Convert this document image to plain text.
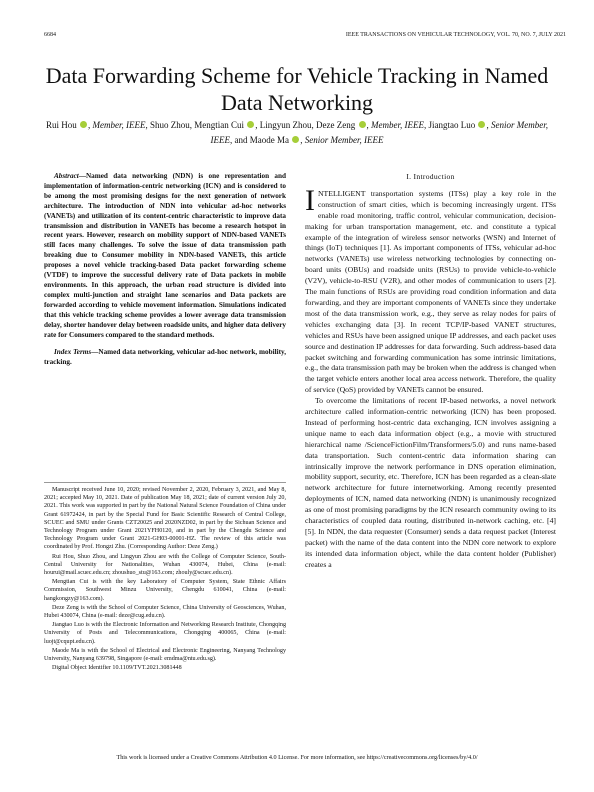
6684	IEEE TRANSACTIONS ON VEHICULAR TECHNOLOGY, VOL. 70, NO. 7, JULY 2021
Data Forwarding Scheme for Vehicle Tracking in Named Data Networking
Rui Hou , Member, IEEE, Shuo Zhou, Mengtian Cui , Lingyun Zhou, Deze Zeng , Member, IEEE, Jiangtao Luo , Senior Member, IEEE, and Maode Ma , Senior Member, IEEE

Abstract—Named data networking (NDN) is one representation and implementation of information-centric networking (ICN) and is considered to be among the most promising designs for the next generation of network architecture. The introduction of NDN into vehicular ad-hoc networks (VANETs) and utilization of its content-centric characteristic to improve data transmission and distribution in VANETs has become a research hotspot in recent years. However, research on mobility support of NDN-based VANETs still faces many challenges. To solve the issue of data transmission path breaking due to Consumer mobility in NDN-based VANETs, this article proposes a novel vehicle tracking-based Data packet forwarding scheme (VTDF) to improve the successful delivery rate of Data packets in mobile environments. In this approach, the urban road structure is divided into complex multi-junction and straight lane scenarios and Data packets are forwarded according to vehicle movement information. Simulations indicated that this vehicle tracking scheme provides a lower average data transmission delay, shorter handover delay between roadside units, and higher data delivery rate for Consumers compared to the standard methods.

Index Terms—Named data networking, vehicular ad-hoc network, mobility, tracking.

Manuscript received June 10, 2020; revised November 2, 2020, February 3, 2021, and May 8, 2021; accepted May 10, 2021. Date of publication May 18, 2021; date of current version July 20, 2021. This work was supported in part by the National Natural Science Foundation of China under Grant 61972424, in part by the Special Fund for Basic Scientific Research of Central College, SCUEC and SMU under Grants CZT20025 and 2020NZD02, in part by the Sichuan Science and Technology Program under Grant 2021YFH0120, and in part by the Chengdu Science and Technology Program under Grant 2021-GH03-00001-HZ. The review of this article was coordinated by Prof. Hongzi Zhu. (Corresponding Author: Deze Zeng.)

Rui Hou, Shuo Zhou, and Lingyun Zhou are with the College of Computer Science, South-Central University for Nationalities, Wuhan 430074, Hubei, China (e-mail: hourui@mail.scuec.edu.cn; zhoushuo_stu@163.com; zhouly@scuec.edu.cn).

Mengtian Cui is with the key Laboratory of Computer System, State Ethnic Affairs Commission, Southwest Minzu University, Chengdu 610041, China (e-mail: hangkongzy@163.com).

Deze Zeng is with the School of Computer Science, China University of Geosciences, Wuhan, Hubei 430074, China (e-mail: deze@cug.edu.cn).

Jiangtao Luo is with the Electronic Information and Networking Research Institute, Chongqing University of Posts and Telecommunications, Chongqing 400065, China (e-mail: luojt@cqupt.edu.cn).

Maode Ma is with the School of Electrical and Electronic Engineering, Nanyang Technology University, Nanyang 639798, Singapore (e-mail: emdma@ntu.edu.sg).

Digital Object Identifier 10.1109/TVT.2021.3081448

I. Introduction

INTELLIGENT transportation systems (ITSs) play a key role in the construction of smart cities, which is becoming increasingly urgent. ITSs enable road monitoring, traffic control, vehicular communication, decision-making for urban transportation management, etc. and constitute a typical example of the integration of wireless sensor networks (WSN) and Internet of things (IoT) techniques [1]. As important components of ITSs, vehicular ad-hoc networks (VANETs) use wireless networking technologies by connecting on-board units (OBUs) and roadside units (RSUs) to provide vehicle-to-vehicle (V2V), vehicle-to-RSU (V2R), and other modes of communication to users [2]. The main functions of RSUs are providing road condition information and data forwarding, and they are important components of VANETs since they undertake most of the data transmission work, e.g., they serve as relay nodes for pairs of vehicles exchanging data [3]. In recent TCP/IP-based VANET structures, vehicles and RSUs have been assigned unique IP addresses, and each packet uses source and destination IP addresses for data forwarding. Such address-based data packet switching and forwarding communication has some intrinsic limitations, e.g., the data transmission path may be broken when the address is changed when the target vehicle enters another local area access network. Therefore, the quality of service (QoS) provided by VANETs cannot be ensured.

To overcome the limitations of recent IP-based networks, a novel network architecture called information-centric networking (ICN) has been proposed. Instead of performing host-centric data exchanging, ICN involves assigning a unique name to each data information object (e.g., a movie with structured hierarchical name /ScienceFictionFilm/Transformers/5.0) and runs name-based data transportation. Such content-centric data information sharing can intrinsically improve the network performance in DNS operation elimination, mobility support, security, etc. Therefore, ICN has been regarded as a clean-slate network architecture for future internetworking. Among recently presented deployments of ICN, named data networking (NDN) is unanimously recognized as one of most promising paradigms by the ICN research community owing to its characteristics of coupled data routing, distributed in-network caching, etc. [4][5]. In NDN, the data requester (Consumer) sends a data request packet (Interest packet) with the name of the data content into the NDN core network to explore its intended data information object, while the data content holder (Publisher) creates a

This work is licensed under a Creative Commons Attribution 4.0 License. For more information, see https://creativecommons.org/licenses/by/4.0/
